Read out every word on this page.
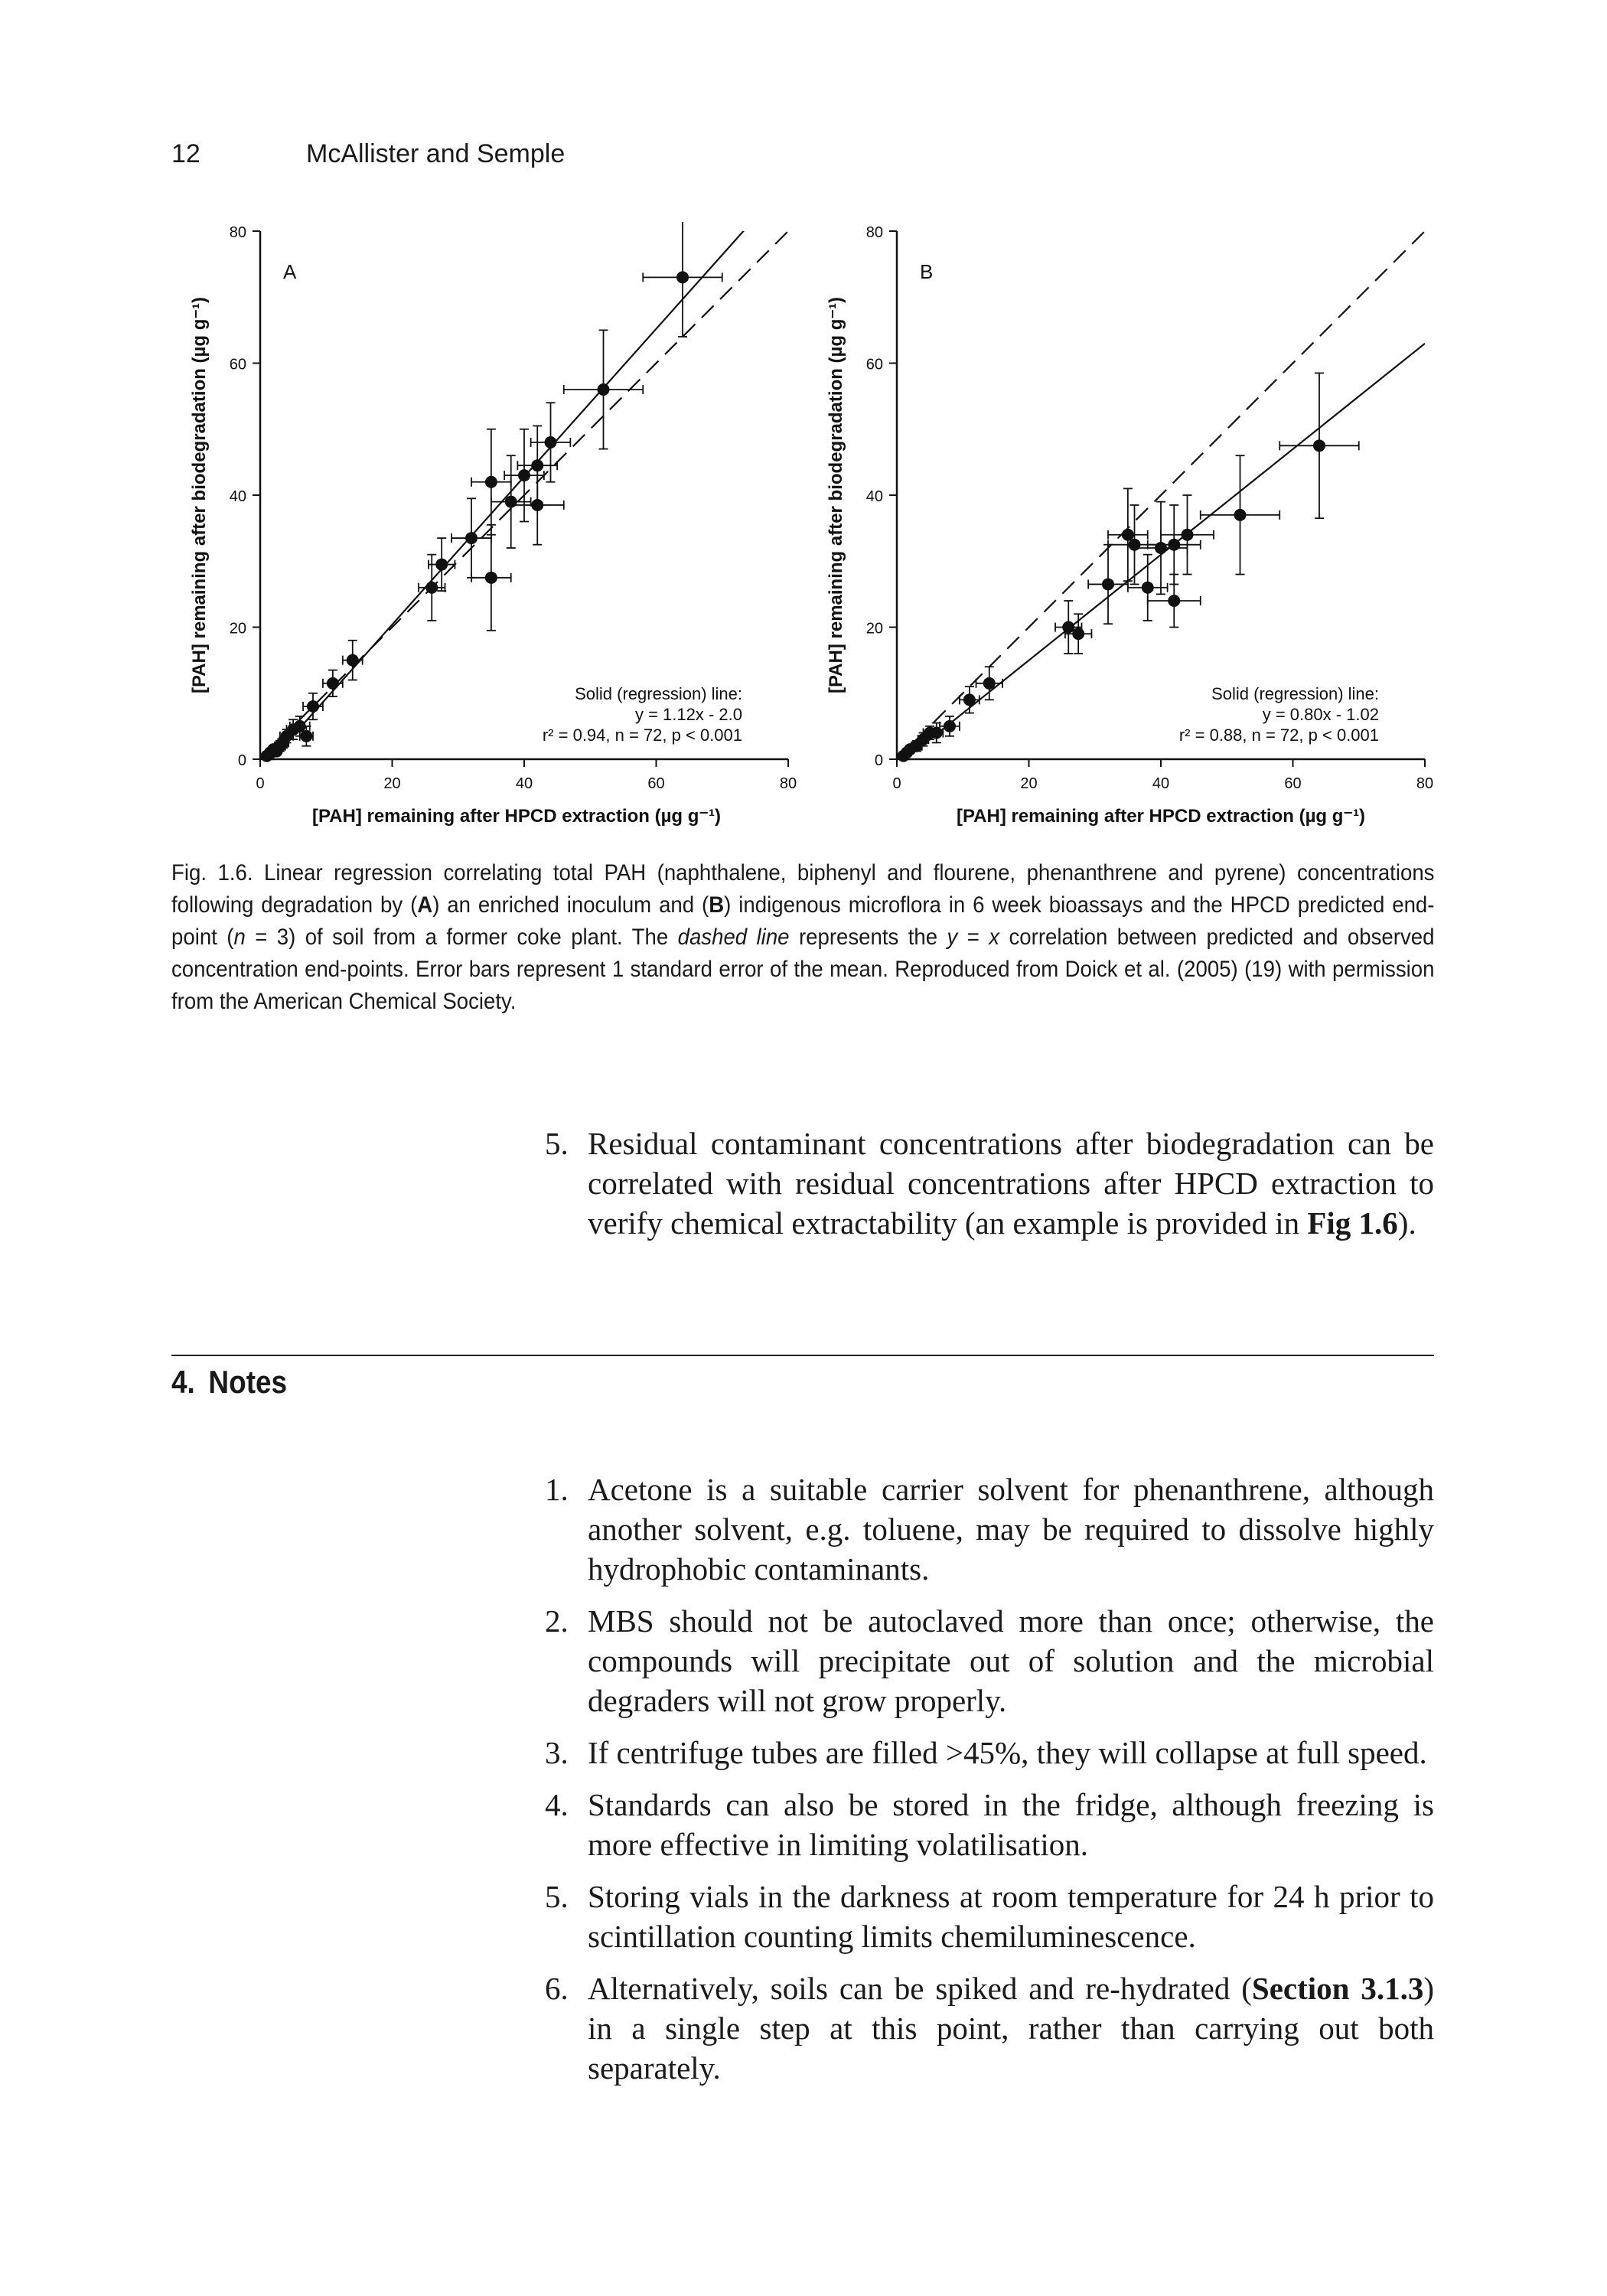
12	McAllister and Semple
0
0
20
20
40
40
60
60
80
80
A
Solid (regression) line:
y = 1.12x - 2.0
r² = 0.94, n = 72, p < 0.001
[PAH] remaining after HPCD extraction (µg g⁻¹)
[PAH] remaining after biodegradation (µg g⁻¹)
0
0
20
20
40
40
60
60
80
80
B
Solid (regression) line:
y = 0.80x - 1.02
r² = 0.88, n = 72, p < 0.001
[PAH] remaining after HPCD extraction (µg g⁻¹)
[PAH] remaining after biodegradation (µg g⁻¹)
Fig. 1.6. Linear regression correlating total PAH (naphthalene, biphenyl and flourene, phenanthrene and pyrene) concentrations following degradation by (A) an enriched inoculum and (B) indigenous microflora in 6 week bioassays and the HPCD predicted end-point (n = 3) of soil from a former coke plant. The dashed line represents the y = x correlation between predicted and observed concentration end-points. Error bars represent 1 standard error of the mean. Reproduced from Doick et al. (2005) (19) with permission from the American Chemical Society.
5. Residual contaminant concentrations after biodegradation can be correlated with residual concentrations after HPCD extraction to verify chemical extractability (an example is provided in Fig 1.6).
4. Notes
1. Acetone is a suitable carrier solvent for phenanthrene, although another solvent, e.g. toluene, may be required to dissolve highly hydrophobic contaminants.
2. MBS should not be autoclaved more than once; otherwise, the compounds will precipitate out of solution and the microbial degraders will not grow properly.
3. If centrifuge tubes are filled >45%, they will collapse at full speed.
4. Standards can also be stored in the fridge, although freezing is more effective in limiting volatilisation.
5. Storing vials in the darkness at room temperature for 24 h prior to scintillation counting limits chemiluminescence.
6. Alternatively, soils can be spiked and re-hydrated (Section 3.1.3) in a single step at this point, rather than carrying out both separately.
